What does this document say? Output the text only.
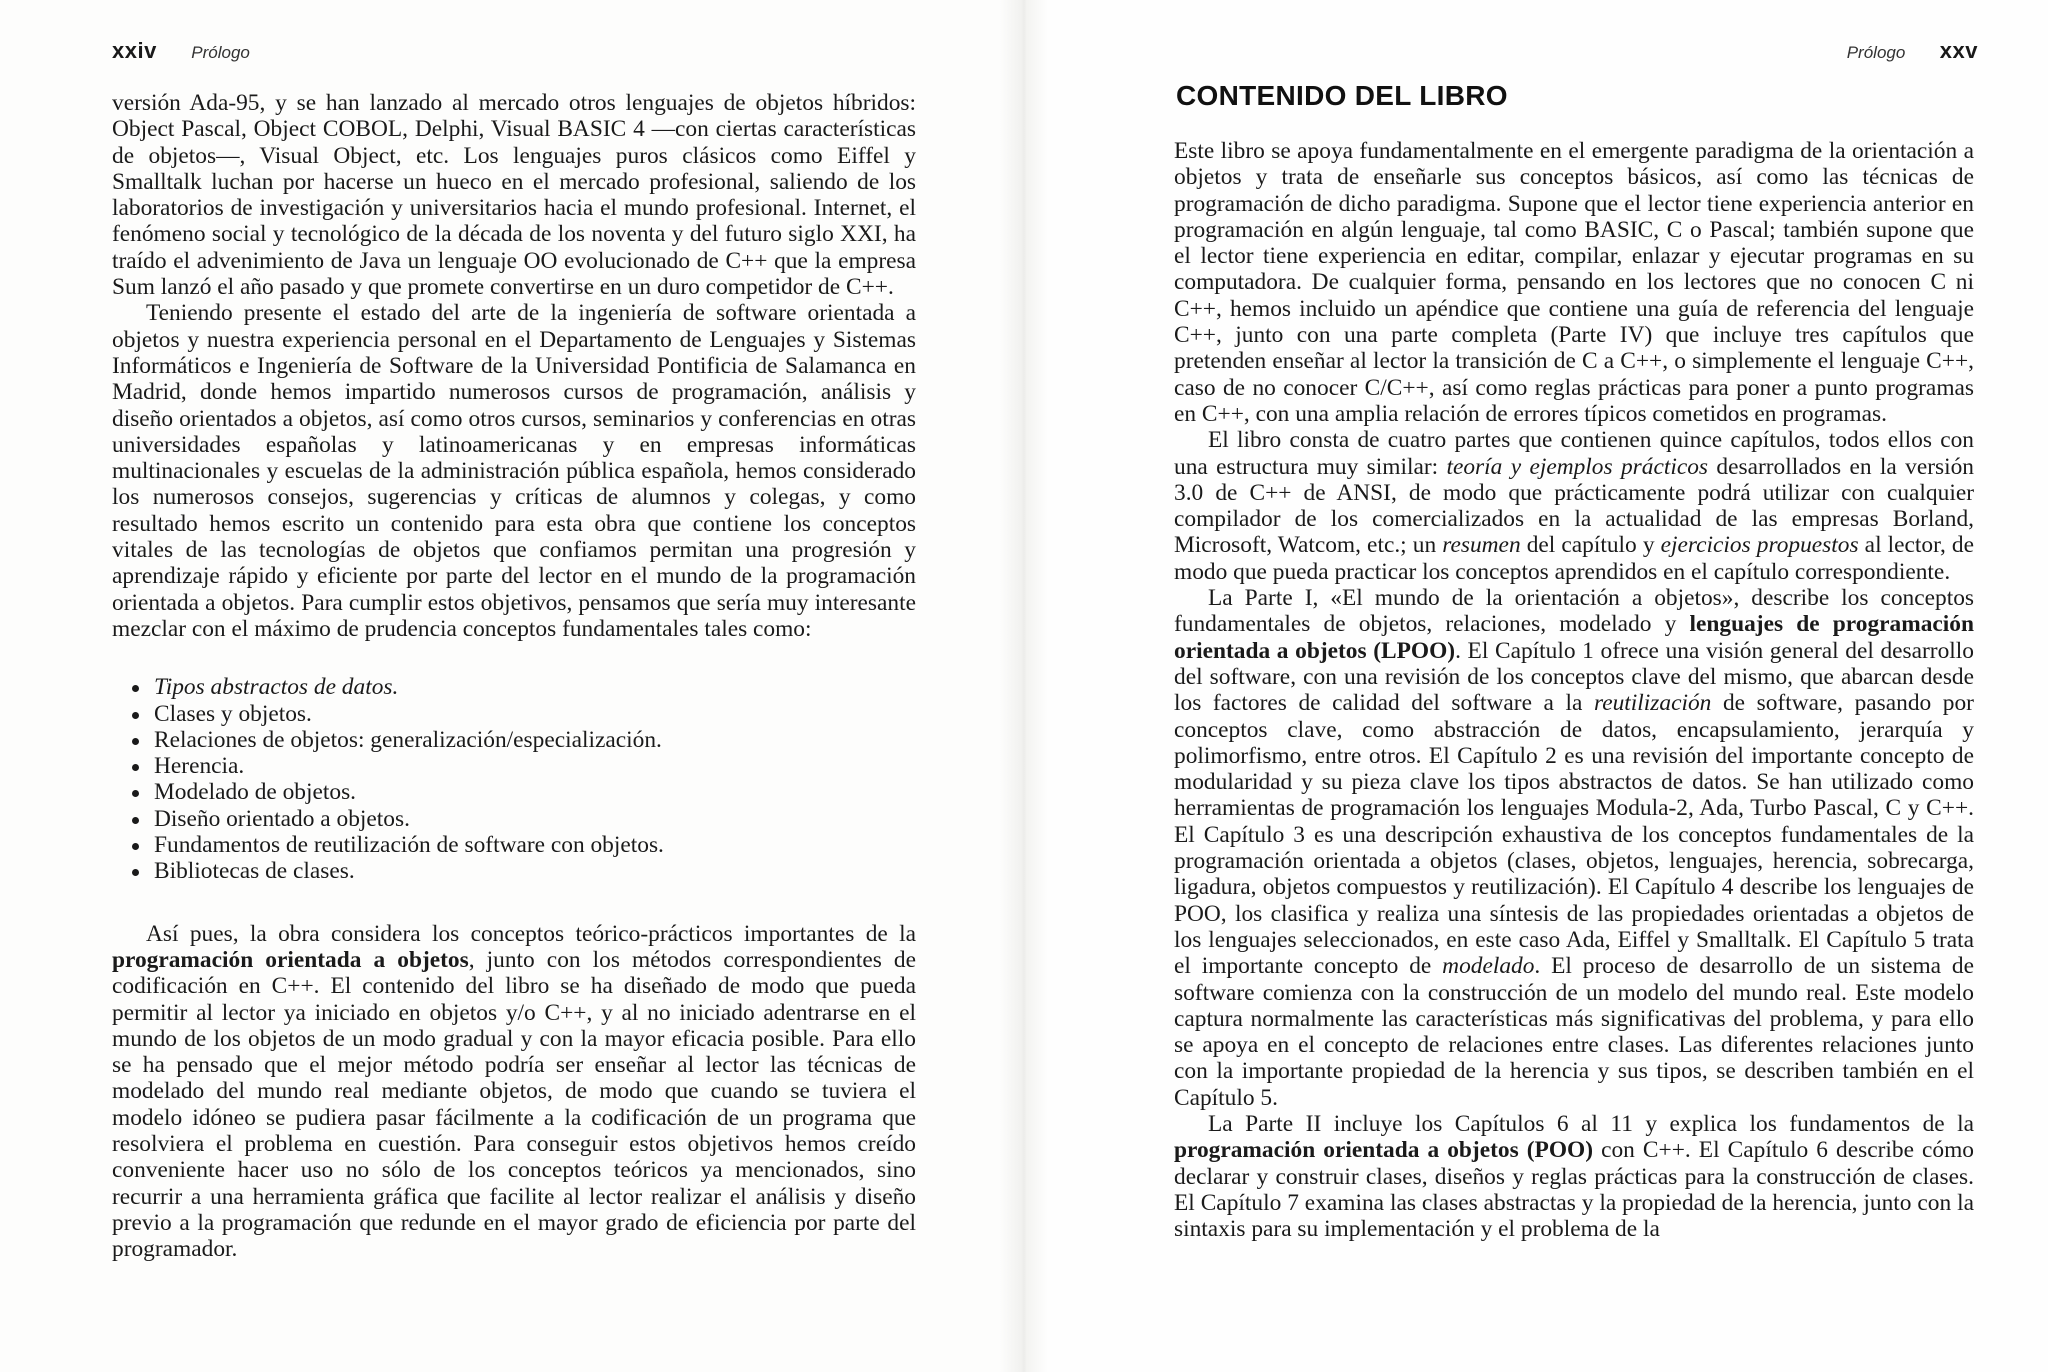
xxiv Prólogo

versión Ada-95, y se han lanzado al mercado otros lenguajes de objetos híbridos: Object Pascal, Object COBOL, Delphi, Visual BASIC 4 —con ciertas características de objetos—, Visual Object, etc. Los lenguajes puros clásicos como Eiffel y Smalltalk luchan por hacerse un hueco en el mercado profesional, saliendo de los laboratorios de investigación y universitarios hacia el mundo profesional. Internet, el fenómeno social y tecnológico de la década de los noventa y del futuro siglo XXI, ha traído el advenimiento de Java un lenguaje OO evolucionado de C++ que la empresa Sum lanzó el año pasado y que promete convertirse en un duro competidor de C++.

Teniendo presente el estado del arte de la ingeniería de software orientada a objetos y nuestra experiencia personal en el Departamento de Lenguajes y Sistemas Informáticos e Ingeniería de Software de la Universidad Pontificia de Salamanca en Madrid, donde hemos impartido numerosos cursos de programación, análisis y diseño orientados a objetos, así como otros cursos, seminarios y conferencias en otras universidades españolas y latinoamericanas y en empresas informáticas multinacionales y escuelas de la administración pública española, hemos considerado los numerosos consejos, sugerencias y críticas de alumnos y colegas, y como resultado hemos escrito un contenido para esta obra que contiene los conceptos vitales de las tecnologías de objetos que confiamos permitan una progresión y aprendizaje rápido y eficiente por parte del lector en el mundo de la programación orientada a objetos. Para cumplir estos objetivos, pensamos que sería muy interesante mezclar con el máximo de prudencia conceptos fundamentales tales como:

Tipos abstractos de datos.
Clases y objetos.
Relaciones de objetos: generalización/especialización.
Herencia.
Modelado de objetos.
Diseño orientado a objetos.
Fundamentos de reutilización de software con objetos.
Bibliotecas de clases.

Así pues, la obra considera los conceptos teórico-prácticos importantes de la programación orientada a objetos, junto con los métodos correspondientes de codificación en C++. El contenido del libro se ha diseñado de modo que pueda permitir al lector ya iniciado en objetos y/o C++, y al no iniciado adentrarse en el mundo de los objetos de un modo gradual y con la mayor eficacia posible. Para ello se ha pensado que el mejor método podría ser enseñar al lector las técnicas de modelado del mundo real mediante objetos, de modo que cuando se tuviera el modelo idóneo se pudiera pasar fácilmente a la codificación de un programa que resolviera el problema en cuestión. Para conseguir estos objetivos hemos creído conveniente hacer uso no sólo de los conceptos teóricos ya mencionados, sino recurrir a una herramienta gráfica que facilite al lector realizar el análisis y diseño previo a la programación que redunde en el mayor grado de eficiencia por parte del programador.

Prólogo xxv
CONTENIDO DEL LIBRO

Este libro se apoya fundamentalmente en el emergente paradigma de la orientación a objetos y trata de enseñarle sus conceptos básicos, así como las técnicas de programación de dicho paradigma. Supone que el lector tiene experiencia anterior en programación en algún lenguaje, tal como BASIC, C o Pascal; también supone que el lector tiene experiencia en editar, compilar, enlazar y ejecutar programas en su computadora. De cualquier forma, pensando en los lectores que no conocen C ni C++, hemos incluido un apéndice que contiene una guía de referencia del lenguaje C++, junto con una parte completa (Parte IV) que incluye tres capítulos que pretenden enseñar al lector la transición de C a C++, o simplemente el lenguaje C++, caso de no conocer C/C++, así como reglas prácticas para poner a punto programas en C++, con una amplia relación de errores típicos cometidos en programas.

El libro consta de cuatro partes que contienen quince capítulos, todos ellos con una estructura muy similar: teoría y ejemplos prácticos desarrollados en la versión 3.0 de C++ de ANSI, de modo que prácticamente podrá utilizar con cualquier compilador de los comercializados en la actualidad de las empresas Borland, Microsoft, Watcom, etc.; un resumen del capítulo y ejercicios propuestos al lector, de modo que pueda practicar los conceptos aprendidos en el capítulo correspondiente.

La Parte I, «El mundo de la orientación a objetos», describe los conceptos fundamentales de objetos, relaciones, modelado y lenguajes de programación orientada a objetos (LPOO). El Capítulo 1 ofrece una visión general del desarrollo del software, con una revisión de los conceptos clave del mismo, que abarcan desde los factores de calidad del software a la reutilización de software, pasando por conceptos clave, como abstracción de datos, encapsulamiento, jerarquía y polimorfismo, entre otros. El Capítulo 2 es una revisión del importante concepto de modularidad y su pieza clave los tipos abstractos de datos. Se han utilizado como herramientas de programación los lenguajes Modula-2, Ada, Turbo Pascal, C y C++. El Capítulo 3 es una descripción exhaustiva de los conceptos fundamentales de la programación orientada a objetos (clases, objetos, lenguajes, herencia, sobrecarga, ligadura, objetos compuestos y reutilización). El Capítulo 4 describe los lenguajes de POO, los clasifica y realiza una síntesis de las propiedades orientadas a objetos de los lenguajes seleccionados, en este caso Ada, Eiffel y Smalltalk. El Capítulo 5 trata el importante concepto de modelado. El proceso de desarrollo de un sistema de software comienza con la construcción de un modelo del mundo real. Este modelo captura normalmente las características más significativas del problema, y para ello se apoya en el concepto de relaciones entre clases. Las diferentes relaciones junto con la importante propiedad de la herencia y sus tipos, se describen también en el Capítulo 5.

La Parte II incluye los Capítulos 6 al 11 y explica los fundamentos de la programación orientada a objetos (POO) con C++. El Capítulo 6 describe cómo declarar y construir clases, diseños y reglas prácticas para la construcción de clases. El Capítulo 7 examina las clases abstractas y la propiedad de la herencia, junto con la sintaxis para su implementación y el problema de la
